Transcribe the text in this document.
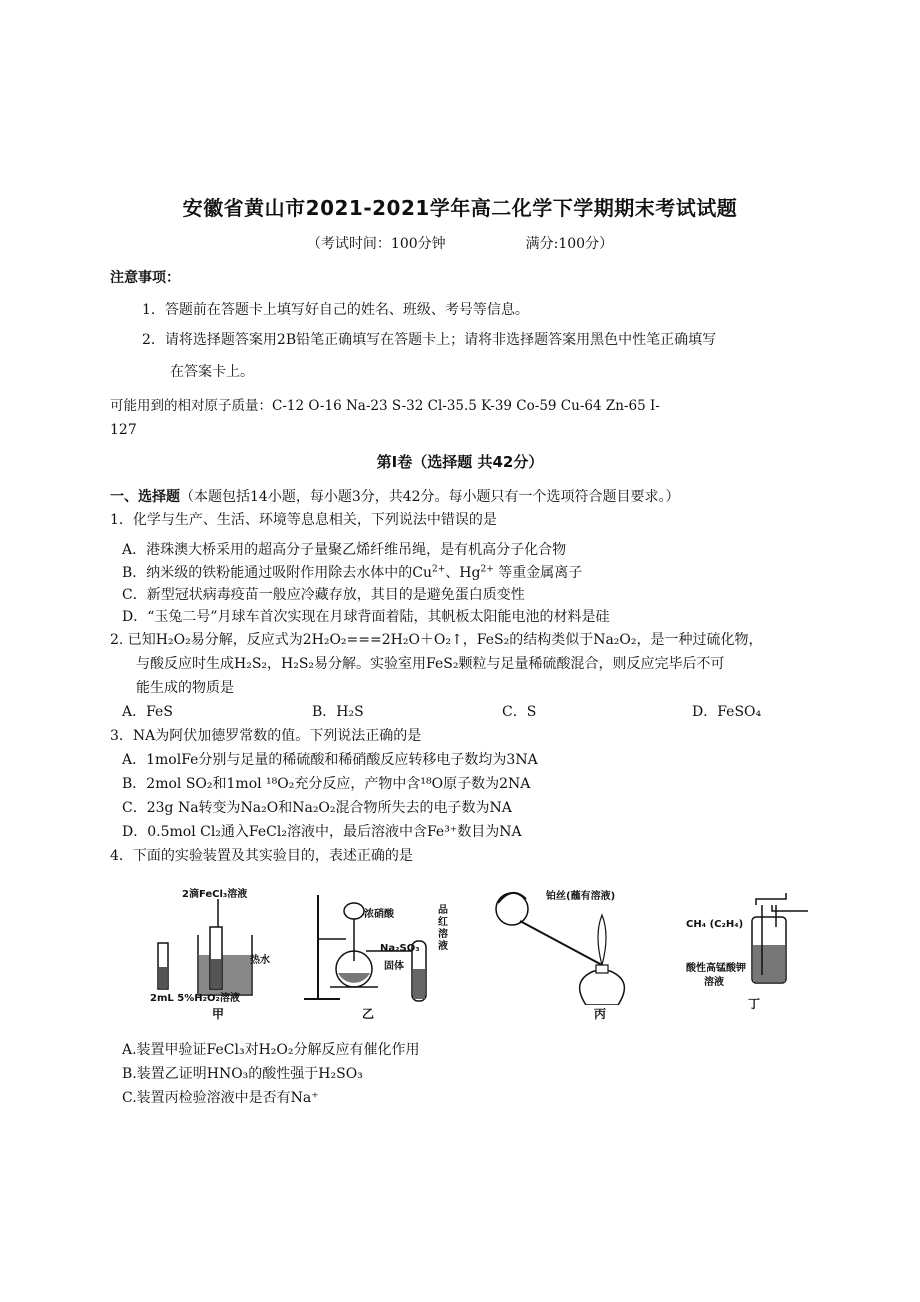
安徽省黄山市2021-2021学年高二化学下学期期末考试试题
（考试时间：100分钟	满分:100分）
注意事项：
1．答题前在答题卡上填写好自己的姓名、班级、考号等信息。
2．请将选择题答案用2B铅笔正确填写在答题卡上；请将非选择题答案用黑色中性笔正确填写
在答案卡上。
可能用到的相对原子质量：C-12 O-16 Na-23 S-32 Cl-35.5 K-39 Co-59 Cu-64 Zn-65 I-
127
第Ⅰ卷（选择题 共42分）
一、选择题（本题包括14小题，每小题3分，共42分。每小题只有一个选项符合题目要求。）
1．化学与生产、生活、环境等息息相关，下列说法中错误的是
A．港珠澳大桥采用的超高分子量聚乙烯纤维吊绳，是有机高分子化合物
B．纳米级的铁粉能通过吸附作用除去水体中的$Cu^{2+}$、$Hg^{2+}$ 等重金属离子
C．新型冠状病毒疫苗一般应冷藏存放，其目的是避免蛋白质变性
D．“玉兔二号”月球车首次实现在月球背面着陆，其帆板太阳能电池的材料是硅
2. 已知H₂O₂易分解，反应式为2H₂O₂===2H₂O＋O₂↑，FeS₂的结构类似于Na₂O₂，是一种过硫化物，
与酸反应时生成H₂S₂，H₂S₂易分解。实验室用FeS₂颗粒与足量稀硫酸混合，则反应完毕后不可
能生成的物质是
A．FeS	B．H₂S	C．S	D．FeSO₄
3．NA为阿伏加德罗常数的值。下列说法正确的是
A．1molFe分别与足量的稀硫酸和稀硝酸反应转移电子数均为3NA
B．2mol SO₂和1mol ¹⁸O₂充分反应，产物中含¹⁸O原子数为2NA
C．23g Na转变为Na₂O和Na₂O₂混合物所失去的电子数为NA
D．0.5mol Cl₂通入FeCl₂溶液中，最后溶液中含Fe³⁺数目为NA
4．下面的实验装置及其实验目的，表述正确的是
2滴FeCl₃溶液
热水
2mL 5%H₂O₂溶液
甲
浓硝酸
Na₂SO₃
固体
品红溶液
乙
铂丝(蘸有溶液)
丙
CH₄ (C₂H₄)
酸性高锰酸钾
溶液
丁
A.装置甲验证FeCl₃对H₂O₂分解反应有催化作用
B.装置乙证明HNO₃的酸性强于H₂SO₃
C.装置丙检验溶液中是否有Na⁺
